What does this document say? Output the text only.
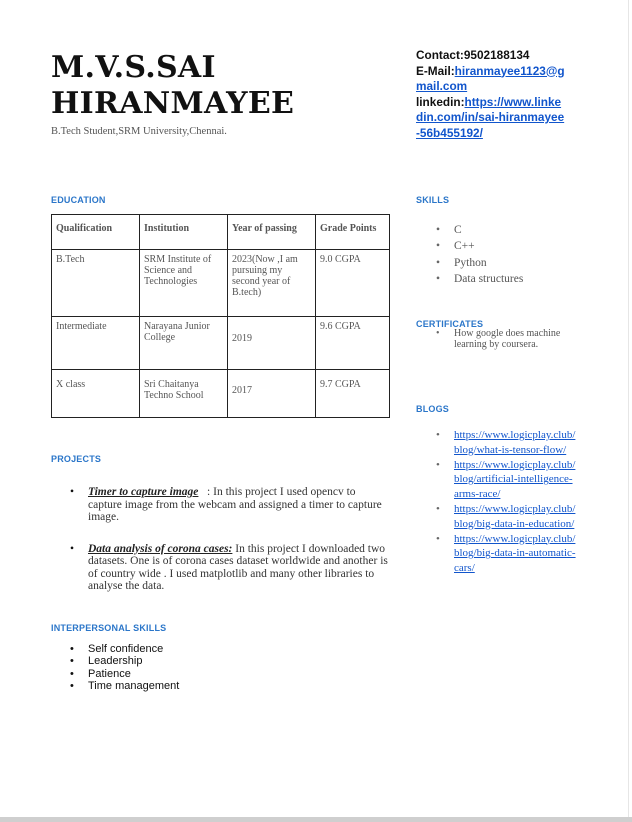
M.V.S.SAI HIRANMAYEE

B.Tech Student,SRM University,Chennai.

Contact:9502188134

E-Mail:hiranmayee1123@gmail.com

linkedin:https://www.linkedin.com/in/sai-hiranmayee-56b455192/

EDUCATION
Qualification	Institution	Year of passing	Grade Points
B.Tech	SRM Institute of Science and Technologies	2023(Now ,I am pursuing my second year of B.tech)	9.0 CGPA
Intermediate	Narayana Junior College	2019	9.6 CGPA
X class	Sri Chaitanya Techno School	2017	9.7 CGPA
PROJECTS
• Timer to capture image   : In this project I used opencv to capture image from the webcam and assigned a timer to capture image.
• Data analysis of corona cases: In this project I downloaded two datasets. One is of corona cases dataset worldwide and another is of country wide . I used matplotlib and many other libraries to analyse the data.
INTERPERSONAL SKILLS
• Self confidence
• Leadership
• Patience
• Time management
SKILLS
• C
• C++
• Python
• Data structures
CERTIFICATES
• How google does machine learning by coursera.
BLOGS
• https://www.logicplay.club/blog/what-is-tensor-flow/
• https://www.logicplay.club/blog/artificial-intelligence-arms-race/
• https://www.logicplay.club/blog/big-data-in-education/
• https://www.logicplay.club/blog/big-data-in-automatic-cars/
